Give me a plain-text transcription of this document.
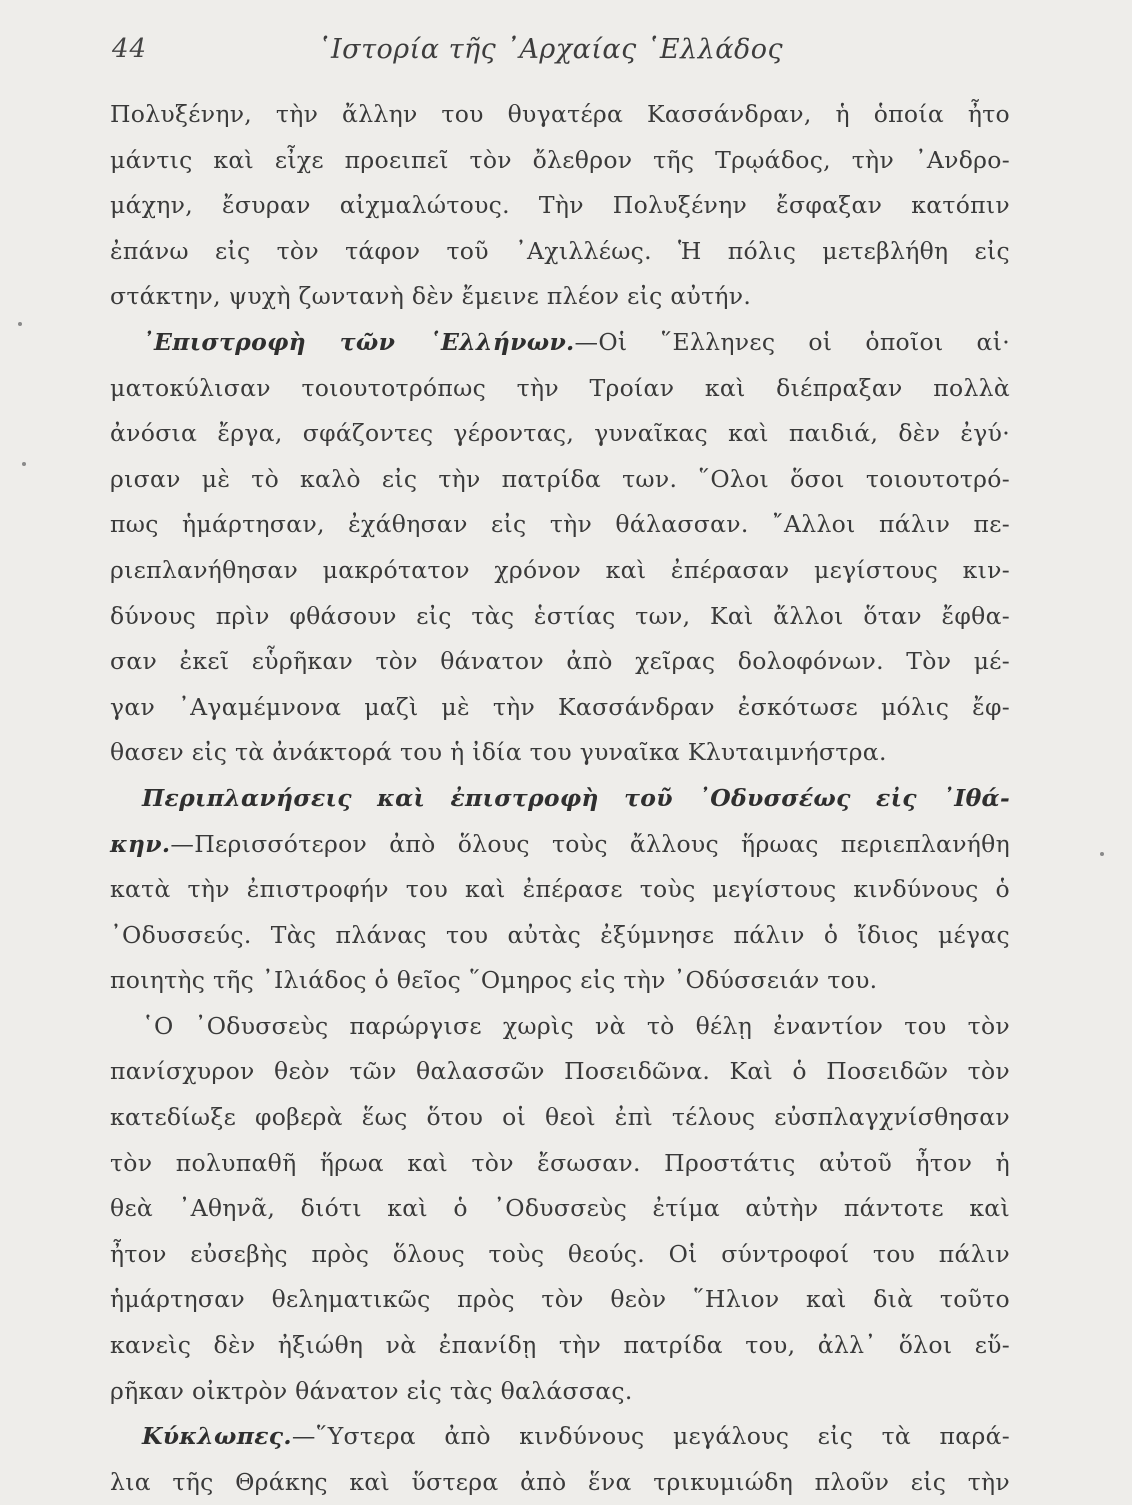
44	῾Ιστορία τῆς ᾿Αρχαίας ῾Ελλάδος
Πολυξένην, τὴν ἄλλην του θυγατέρα Κασσάνδραν, ἡ ὁποία ἦτο
μάντις καὶ εἶχε προειπεῖ τὸν ὄλεθρον τῆς Τρῳάδος, τὴν ᾿Ανδρο-
μάχην, ἔσυραν αἰχμαλώτους. Τὴν Πολυξένην ἔσφαξαν κατόπιν
ἐπάνω εἰς τὸν τάφον τοῦ ᾿Αχιλλέως. Ἡ πόλις μετεβλήθη εἰς
στάκτην, ψυχὴ ζωντανὴ δὲν ἔμεινε πλέον εἰς αὐτήν.
᾿Επιστροφὴ τῶν ῾Ελλήνων.—Οἱ ῞Ελληνες οἱ ὁποῖοι αἱ·
ματοκύλισαν τοιουτοτρόπως τὴν Τροίαν καὶ διέπραξαν πολλὰ
ἀνόσια ἔργα, σφάζοντες γέροντας, γυναῖκας καὶ παιδιά, δὲν ἐγύ·
ρισαν μὲ τὸ καλὸ εἰς τὴν πατρίδα των. ῞Ολοι ὅσοι τοιουτοτρό-
πως ἡμάρτησαν, ἐχάθησαν εἰς τὴν θάλασσαν. ῎Αλλοι πάλιν πε-
ριεπλανήθησαν μακρότατον χρόνον καὶ ἐπέρασαν μεγίστους κιν-
δύνους πρὶν φθάσουν εἰς τὰς ἑστίας των, Καὶ ἄλλοι ὅταν ἔφθα-
σαν ἐκεῖ εὗρῆκαν τὸν θάνατον ἀπὸ χεῖρας δολοφόνων. Τὸν μέ-
γαν ᾿Αγαμέμνονα μαζὶ μὲ τὴν Κασσάνδραν ἐσκότωσε μόλις ἔφ-
θασεν εἰς τὰ ἀνάκτορά του ἡ ἰδία του γυναῖκα Κλυταιμνήστρα.
Περιπλανήσεις καὶ ἐπιστροφὴ τοῦ ᾿Οδυσσέως εἰς ᾿Ιθά-
κην.—Περισσότερον ἀπὸ ὅλους τοὺς ἄλλους ἥρωας περιεπλανήθη
κατὰ τὴν ἐπιστροφήν του καὶ ἐπέρασε τοὺς μεγίστους κινδύνους ὁ
᾿Οδυσσεύς. Τὰς πλάνας του αὐτὰς ἐξύμνησε πάλιν ὁ ἴδιος μέγας
ποιητὴς τῆς ᾿Ιλιάδος ὁ θεῖος ῞Ομηρος εἰς τὴν ᾿Οδύσσειάν του.
῾Ο ᾿Οδυσσεὺς παρώργισε χωρὶς νὰ τὸ θέλῃ ἐναντίον του τὸν
πανίσχυρον θεὸν τῶν θαλασσῶν Ποσειδῶνα. Καὶ ὁ Ποσειδῶν τὸν
κατεδίωξε φοβερὰ ἕως ὅτου οἱ θεοὶ ἐπὶ τέλους εὐσπλαγχνίσθησαν
τὸν πολυπαθῆ ἥρωα καὶ τὸν ἔσωσαν. Προστάτις αὐτοῦ ἦτον ἡ
θεὰ ᾿Αθηνᾶ, διότι καὶ ὁ ᾿Οδυσσεὺς ἐτίμα αὐτὴν πάντοτε καὶ
ἦτον εὐσεβὴς πρὸς ὅλους τοὺς θεούς. Οἱ σύντροφοί του πάλιν
ἡμάρτησαν θεληματικῶς πρὸς τὸν θεὸν ῞Ηλιον καὶ διὰ τοῦτο
κανεὶς δὲν ἠξιώθη νὰ ἐπανίδῃ τὴν πατρίδα του, ἀλλ᾿ ὅλοι εὕ-
ρῆκαν οἰκτρὸν θάνατον εἰς τὰς θαλάσσας.
Κύκλωπες.—῞Υστερα ἀπὸ κινδύνους μεγάλους εἰς τὰ παρά-
λια τῆς Θράκης καὶ ὕστερα ἀπὸ ἕνα τρικυμιώδη πλοῦν εἰς τὴν
